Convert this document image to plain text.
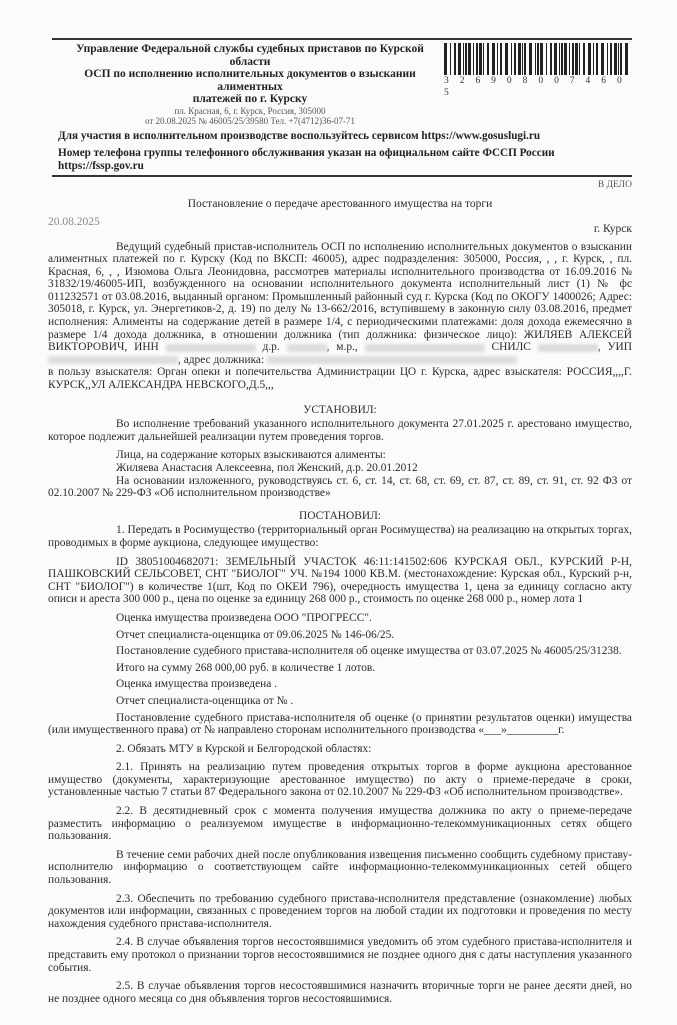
Управление Федеральной службы судебных приставов по Курской области
ОСП по исполнению исполнительных документов о взыскании алиментных
платежей по г. Курску
пл. Красная, 6, г. Курск, Россия, 305000
от 20.08.2025 № 46005/25/39580 Тел. +7(4712)36-07-71
3 2 6 9 0 8 0 0 7 4 6 0 5
Для участия в исполнительном производстве воспользуйтесь сервисом https://www.gosuslugi.ru
Номер телефона группы телефонного обслуживания указан на официальном сайте ФССП России https://fssp.gov.ru
В ДЕЛО
Постановление о передаче арестованного имущества на торги
20.08.2025
г. Курск
Ведущий судебный пристав-исполнитель ОСП по исполнению исполнительных документов о взыскании алиментных платежей по г. Курску (Код по ВКСП: 46005), адрес подразделения: 305000, Россия, , , г. Курск, , пл. Красная, 6, , , Изюмова Ольга Леонидовна, рассмотрев материалы исполнительного производства от 16.09.2016 № 31832/19/46005-ИП, возбужденного на основании исполнительного документа исполнительный лист (1) № фс 011232571 от 03.08.2016, выданный органом: Промышленный районный суд г. Курска (Код по ОКОГУ 1400026; Адрес: 305018, г. Курск, ул. Энергетиков-2, д. 19) по делу № 13-662/2016, вступившему в законную силу 03.08.2016, предмет исполнения: Алименты на содержание детей в размере 1/4, с периодическими платежами: доля дохода ежемесячно в размере 1/4 дохода должника, в отношении должника (тип должника: физическое лицо): ЖИЛЯЕВ АЛЕКСЕЙ ВИКТОРОВИЧ, ИНН	д.р.	, м.р.,	СНИЛС	, УИП , адрес должника:
в пользу взыскателя: Орган опеки и попечительства Администрации ЦО г. Курска, адрес взыскателя: РОССИЯ,,,,Г. КУРСК,,УЛ АЛЕКСАНДРА НЕВСКОГО,Д.5,,,
УСТАНОВИЛ:
Во исполнение требований указанного исполнительного документа 27.01.2025 г. арестовано имущество, которое подлежит дальнейшей реализации путем проведения торгов.
Лица, на содержание которых взыскиваются алименты:
Жиляева Анастасия Алексеевна, пол Женский, д.р. 20.01.2012
На основании изложенного, руководствуясь ст. 6, ст. 14, ст. 68, ст. 69, ст. 87, ст. 89, ст. 91, ст. 92 ФЗ от 02.10.2007 № 229-ФЗ «Об исполнительном производстве»
ПОСТАНОВИЛ:
1. Передать в Росимущество (территориальный орган Росимущества) на реализацию на открытых торгах, проводимых в форме аукциона, следующее имущество:
ID 38051004682071: ЗЕМЕЛЬНЫЙ УЧАСТОК 46:11:141502:606 КУРСКАЯ ОБЛ., КУРСКИЙ Р-Н, ПАШКОВСКИЙ СЕЛЬСОВЕТ, СНТ "БИОЛОГ" УЧ. №194 1000 КВ.М. (местонахождение: Курская обл., Курский р-н, СНТ "БИОЛОГ") в количестве 1(шт, Код по ОКЕИ 796), очередность имущества 1, цена за единицу согласно акту описи и ареста 300 000 р., цена по оценке за единицу 268 000 р., стоимость по оценке 268 000 р., номер лота 1
Оценка имущества произведена ООО "ПРОГРЕСС".
Отчет специалиста-оценщика от 09.06.2025 № 146-06/25.
Постановление судебного пристава-исполнителя об оценке имущества от 03.07.2025 № 46005/25/31238.
Итого на сумму 268 000,00 руб. в количестве 1 лотов.
Оценка имущества произведена .
Отчет специалиста-оценщика от № .
Постановление судебного пристава-исполнителя об оценке (о принятии результатов оценки) имущества (или имущественного права) от № направлено сторонам исполнительного производства «___»_________г.
2. Обязать МТУ в Курской и Белгородской областях:
2.1. Принять на реализацию путем проведения открытых торгов в форме аукциона арестованное имущество (документы, характеризующие арестованное имущество) по акту о приеме-передаче в сроки, установленные частью 7 статьи 87 Федерального закона от 02.10.2007 № 229-ФЗ «Об исполнительном производстве».
2.2. В десятидневный срок с момента получения имущества должника по акту о приеме-передаче разместить информацию о реализуемом имуществе в информационно-телекоммуникационных сетях общего пользования.
В течение семи рабочих дней после опубликования извещения письменно сообщить судебному приставу-исполнителю информацию о соответствующем сайте информационно-телекоммуникационных сетей общего пользования.
2.3. Обеспечить по требованию судебного пристава-исполнителя представление (ознакомление) любых документов или информации, связанных с проведением торгов на любой стадии их подготовки и проведения по месту нахождения судебного пристава-исполнителя.
2.4. В случае объявления торгов несостоявшимися уведомить об этом судебного пристава-исполнителя и представить ему протокол о признании торгов несостоявшимися не позднее одного дня с даты наступления указанного события.
2.5. В случае объявления торгов несостоявшимися назначить вторичные торги не ранее десяти дней, но не позднее одного месяца со дня объявления торгов несостоявшимися.
